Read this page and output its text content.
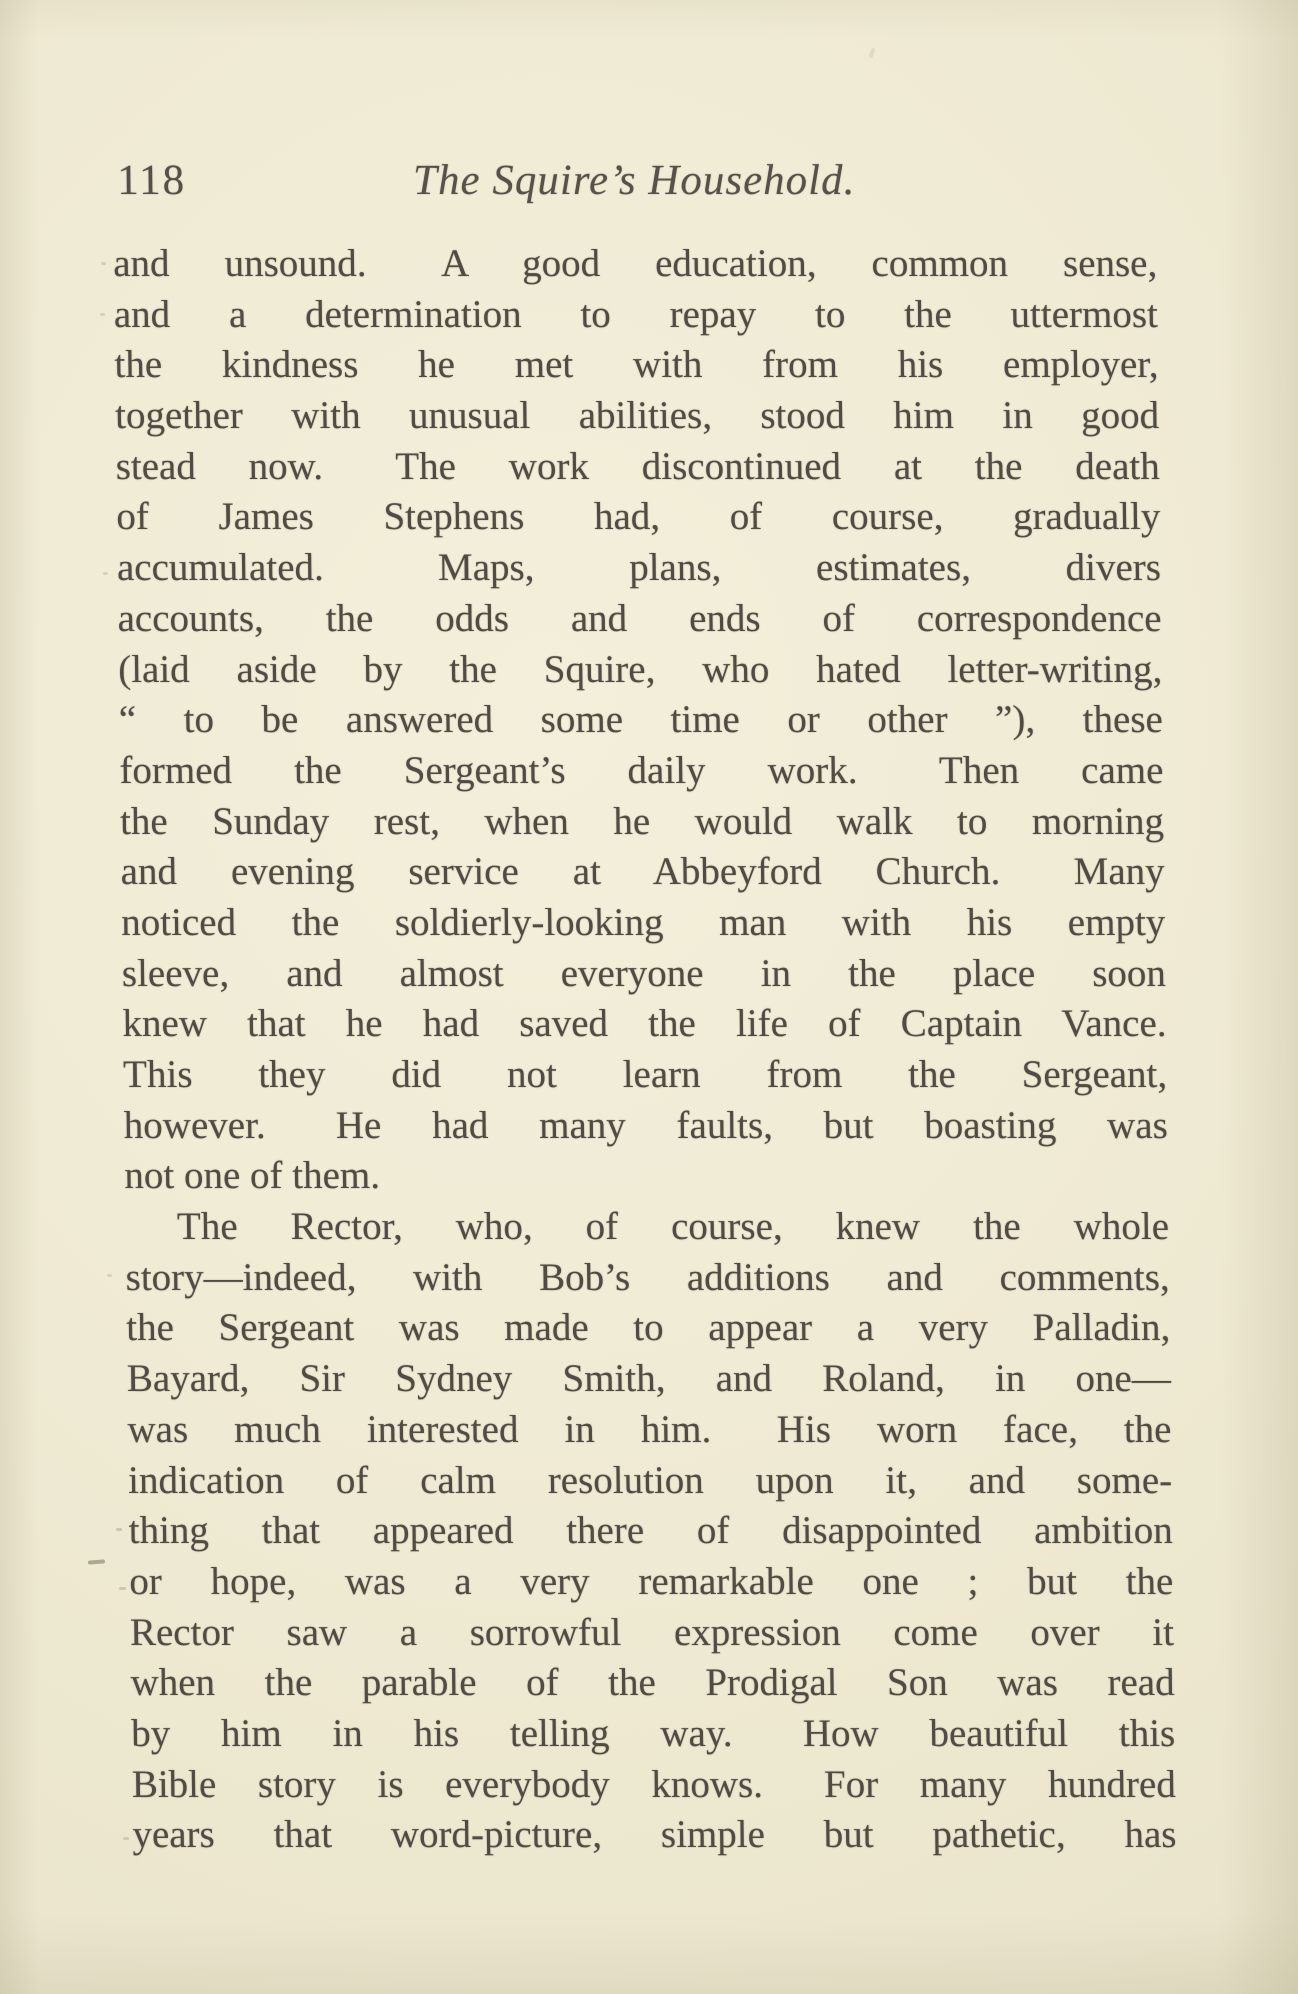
118	The Squire’s Household.
and unsound.  A good education, common sense,
and a determination to repay to the uttermost
the kindness he met with from his employer,
together with unusual abilities, stood him in good
stead now.  The work discontinued at the death
of James Stephens had, of course, gradually
accumulated.  Maps, plans, estimates, divers
accounts, the odds and ends of correspondence
(laid aside by the Squire, who hated letter-writing,
“ to be answered some time or other ”), these
formed the Sergeant’s daily work.  Then came
the Sunday rest, when he would walk to morning
and evening service at Abbeyford Church.  Many
noticed the soldierly-looking man with his empty
sleeve, and almost everyone in the place soon
knew that he had saved the life of Captain Vance.
This they did not learn from the Sergeant,
however.  He had many faults, but boasting was
not one of them.
The Rector, who, of course, knew the whole
story—indeed, with Bob’s additions and comments,
the Sergeant was made to appear a very Palladin,
Bayard, Sir Sydney Smith, and Roland, in one—
was much interested in him.  His worn face, the
indication of calm resolution upon it, and some-
thing that appeared there of disappointed ambition
or hope, was a very remarkable one ; but the
Rector saw a sorrowful expression come over it
when the parable of the Prodigal Son was read
by him in his telling way.  How beautiful this
Bible story is everybody knows.  For many hundred
years that word-picture, simple but pathetic, has
